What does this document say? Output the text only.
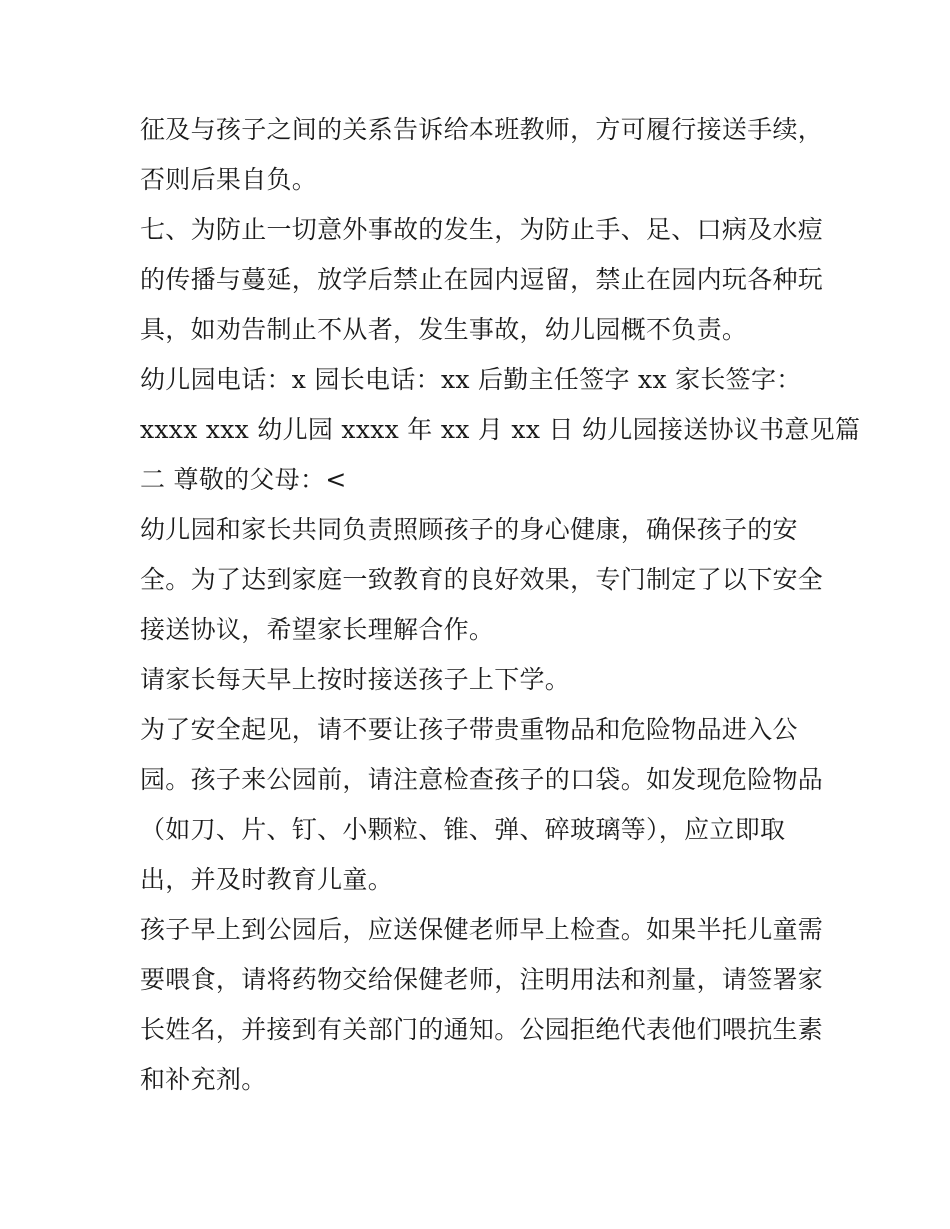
征及与孩子之间的关系告诉给本班教师，方可履行接送手续，
否则后果自负。
七、为防止一切意外事故的发生，为防止手、足、口病及水痘
的传播与蔓延，放学后禁止在园内逗留，禁止在园内玩各种玩
具，如劝告制止不从者，发生事故，幼儿园概不负责。
幼儿园电话：x 园长电话：xx 后勤主任签字 xx 家长签字：
xxxx xxx 幼儿园 xxxx 年 xx 月 xx 日 幼儿园接送协议书意见篇
二 尊敬的父母：<
幼儿园和家长共同负责照顾孩子的身心健康，确保孩子的安
全。为了达到家庭一致教育的良好效果，专门制定了以下安全
接送协议，希望家长理解合作。
请家长每天早上按时接送孩子上下学。
为了安全起见，请不要让孩子带贵重物品和危险物品进入公
园。孩子来公园前，请注意检查孩子的口袋。如发现危险物品
（如刀、片、钉、小颗粒、锥、弹、碎玻璃等），应立即取
出，并及时教育儿童。
孩子早上到公园后，应送保健老师早上检查。如果半托儿童需
要喂食，请将药物交给保健老师，注明用法和剂量，请签署家
长姓名，并接到有关部门的通知。公园拒绝代表他们喂抗生素
和补充剂。
